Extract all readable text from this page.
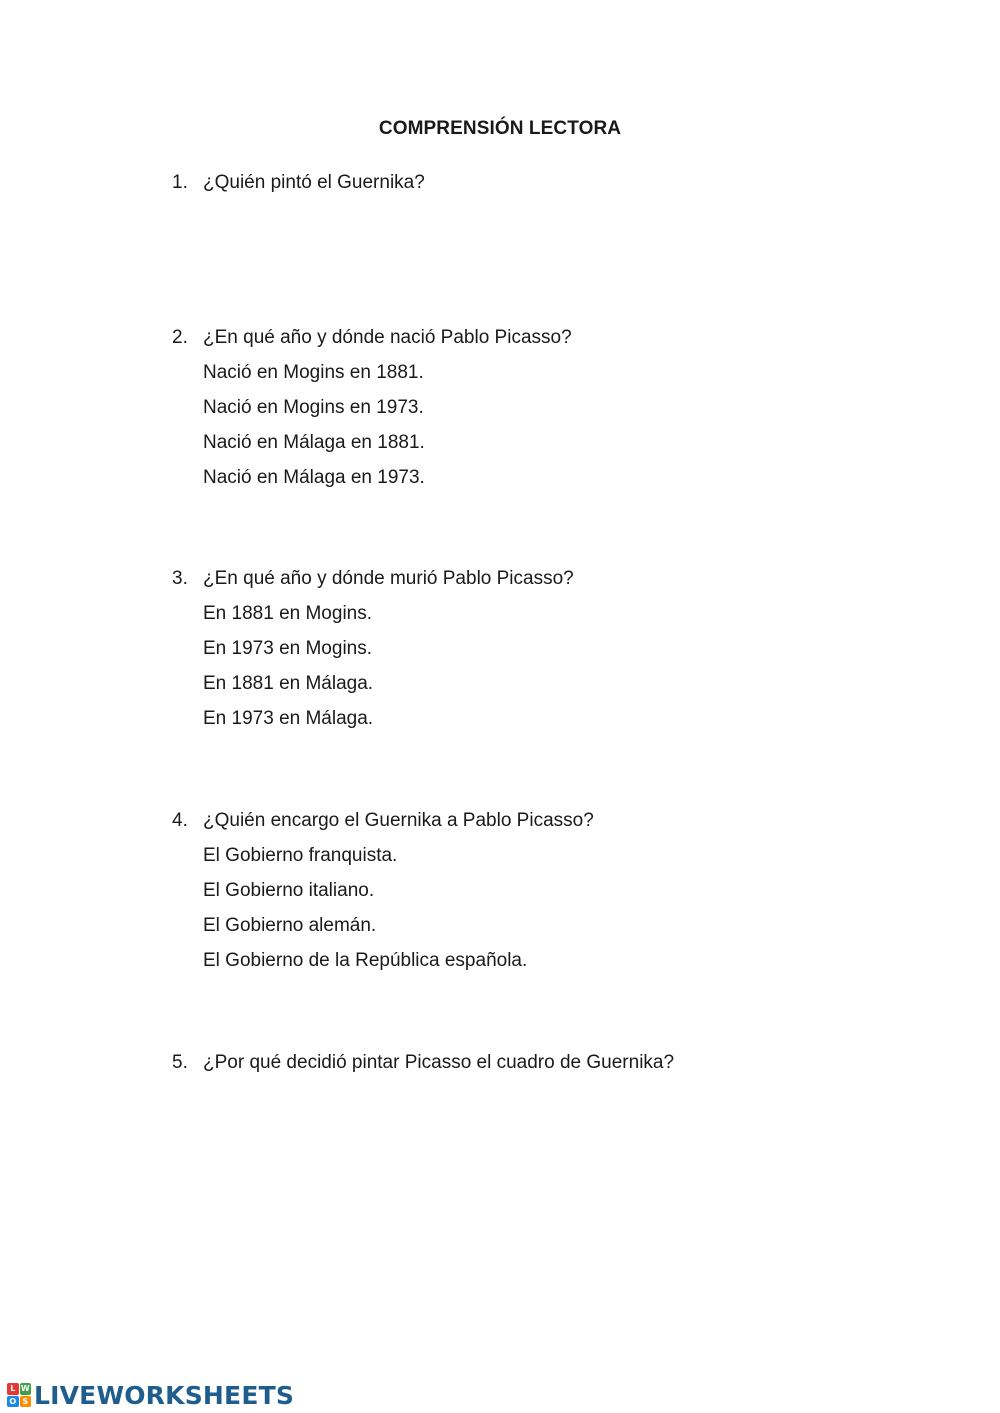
COMPRENSIÓN LECTORA
1. ¿Quién pintó el Guernika?
2. ¿En qué año y dónde nació Pablo Picasso?
Nació en Mogins en 1881.
Nació en Mogins en 1973.
Nació en Málaga en 1881.
Nació en Málaga en 1973.
3. ¿En qué año y dónde murió Pablo Picasso?
En 1881 en Mogins.
En 1973 en Mogins.
En 1881 en Málaga.
En 1973 en Málaga.
4. ¿Quién encargo el Guernika a Pablo Picasso?
El Gobierno franquista.
El Gobierno italiano.
El Gobierno alemán.
El Gobierno de la República española.
5. ¿Por qué decidió pintar Picasso el cuadro de Guernika?
L W
O S LIVEWORKSHEETS
